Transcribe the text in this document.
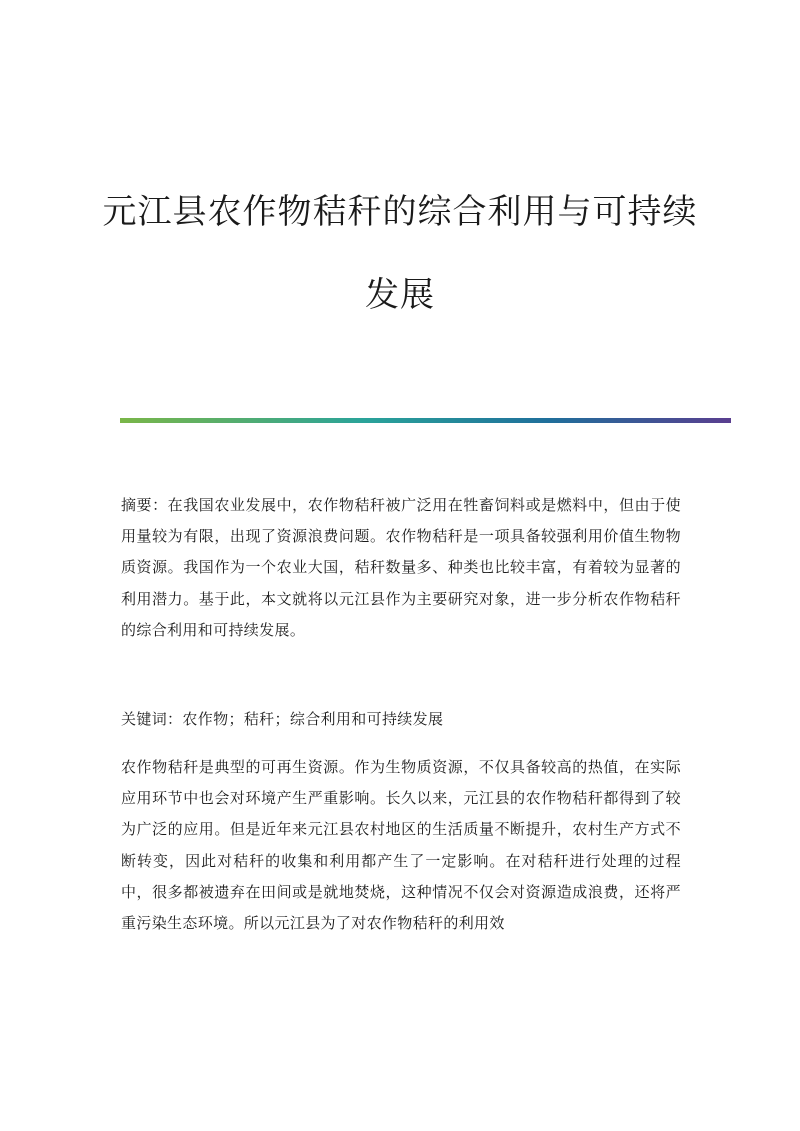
元江县农作物秸秆的综合利用与可持续
发展

摘要：在我国农业发展中，农作物秸秆被广泛用在牲畜饲料或是燃料中，但由于使用量较为有限，出现了资源浪费问题。农作物秸秆是一项具备较强利用价值生物物质资源。我国作为一个农业大国，秸秆数量多、种类也比较丰富，有着较为显著的利用潜力。基于此，本文就将以元江县作为主要研究对象，进一步分析农作物秸秆的综合利用和可持续发展。

关键词：农作物；秸秆；综合利用和可持续发展

农作物秸秆是典型的可再生资源。作为生物质资源，不仅具备较高的热值，在实际应用环节中也会对环境产生严重影响。长久以来，元江县的农作物秸秆都得到了较为广泛的应用。但是近年来元江县农村地区的生活质量不断提升，农村生产方式不断转变，因此对秸秆的收集和利用都产生了一定影响。在对秸秆进行处理的过程中，很多都被遗弃在田间或是就地焚烧，这种情况不仅会对资源造成浪费，还将严重污染生态环境。所以元江县为了对农作物秸秆的利用效
